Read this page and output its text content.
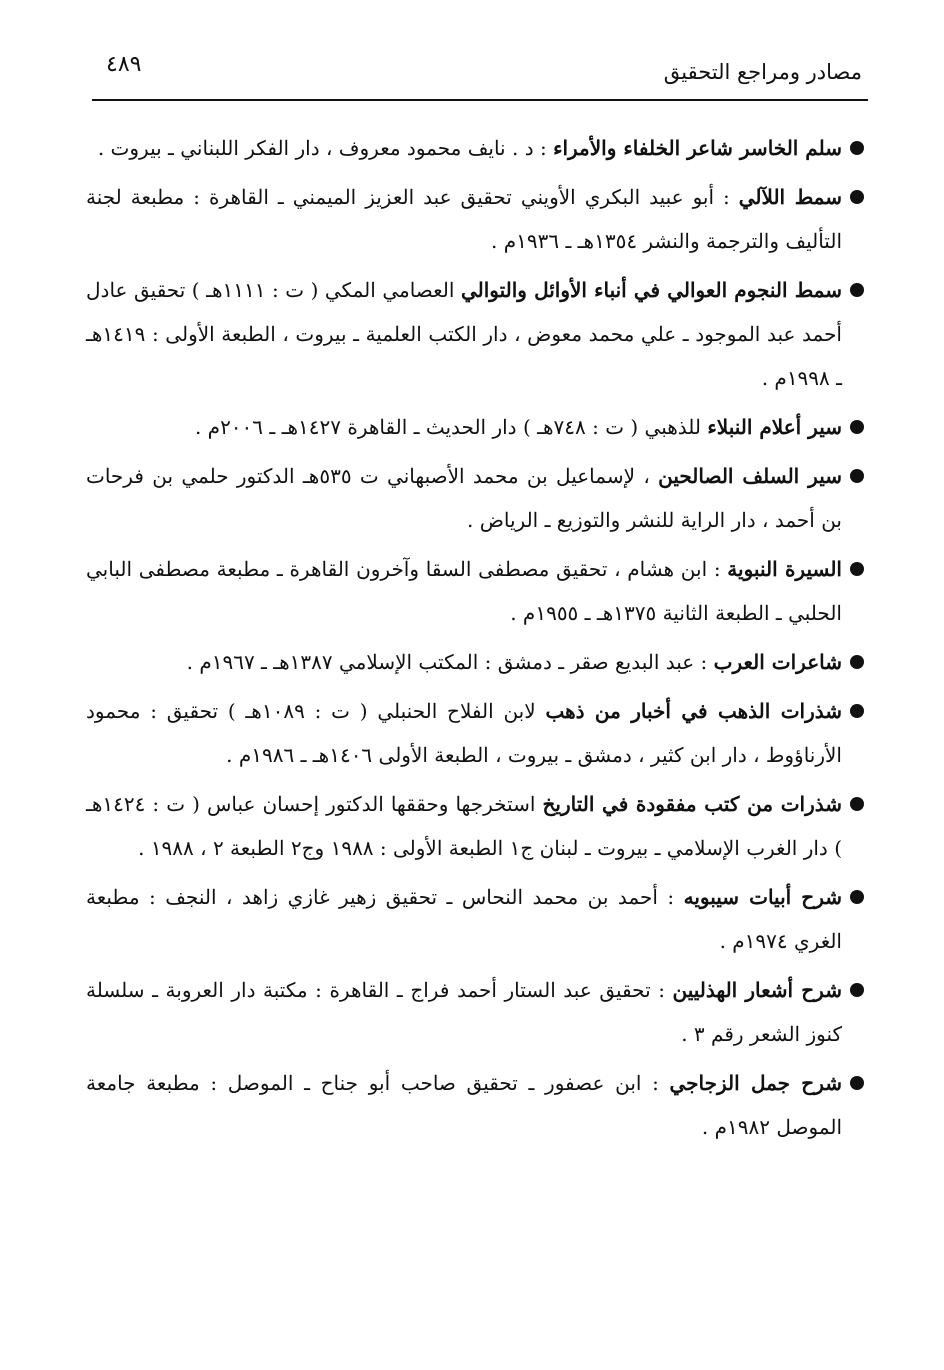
٤٨٩	مصادر ومراجع التحقيق
سلم الخاسر شاعر الخلفاء والأمراء : د . نايف محمود معروف ، دار الفكر اللبناني ـ بيروت .
سمط اللآلي : أبو عبيد البكري الأويني تحقيق عبد العزيز الميمني ـ القاهرة : مطبعة لجنة التأليف والترجمة والنشر ١٣٥٤هـ ـ ١٩٣٦م .
سمط النجوم العوالي في أنباء الأوائل والتوالي العصامي المكي ( ت : ١١١١هـ ) تحقيق عادل أحمد عبد الموجود ـ علي محمد معوض ، دار الكتب العلمية ـ بيروت ، الطبعة الأولى : ١٤١٩هـ ـ ١٩٩٨م .
سير أعلام النبلاء للذهبي ( ت : ٧٤٨هـ ) دار الحديث ـ القاهرة ١٤٢٧هـ ـ ٢٠٠٦م .
سير السلف الصالحين ، لإسماعيل بن محمد الأصبهاني ت ٥٣٥هـ الدكتور حلمي بن فرحات بن أحمد ، دار الراية للنشر والتوزيع ـ الرياض .
السيرة النبوية : ابن هشام ، تحقيق مصطفى السقا وآخرون القاهرة ـ مطبعة مصطفى البابي الحلبي ـ الطبعة الثانية ١٣٧٥هـ ـ ١٩٥٥م .
شاعرات العرب : عبد البديع صقر ـ دمشق : المكتب الإسلامي ١٣٨٧هـ ـ ١٩٦٧م .
شذرات الذهب في أخبار من ذهب لابن الفلاح الحنبلي ( ت : ١٠٨٩هـ ) تحقيق : محمود الأرناؤوط ، دار ابن كثير ، دمشق ـ بيروت ، الطبعة الأولى ١٤٠٦هـ ـ ١٩٨٦م .
شذرات من كتب مفقودة في التاريخ استخرجها وحققها الدكتور إحسان عباس ( ت : ١٤٢٤هـ ) دار الغرب الإسلامي ـ بيروت ـ لبنان ج١ الطبعة الأولى : ١٩٨٨ وج٢ الطبعة ٢ ، ١٩٨٨ .
شرح أبيات سيبويه : أحمد بن محمد النحاس ـ تحقيق زهير غازي زاهد ، النجف : مطبعة الغري ١٩٧٤م .
شرح أشعار الهذليين : تحقيق عبد الستار أحمد فراج ـ القاهرة : مكتبة دار العروبة ـ سلسلة كنوز الشعر رقم ٣ .
شرح جمل الزجاجي : ابن عصفور ـ تحقيق صاحب أبو جناح ـ الموصل : مطبعة جامعة الموصل ١٩٨٢م .
